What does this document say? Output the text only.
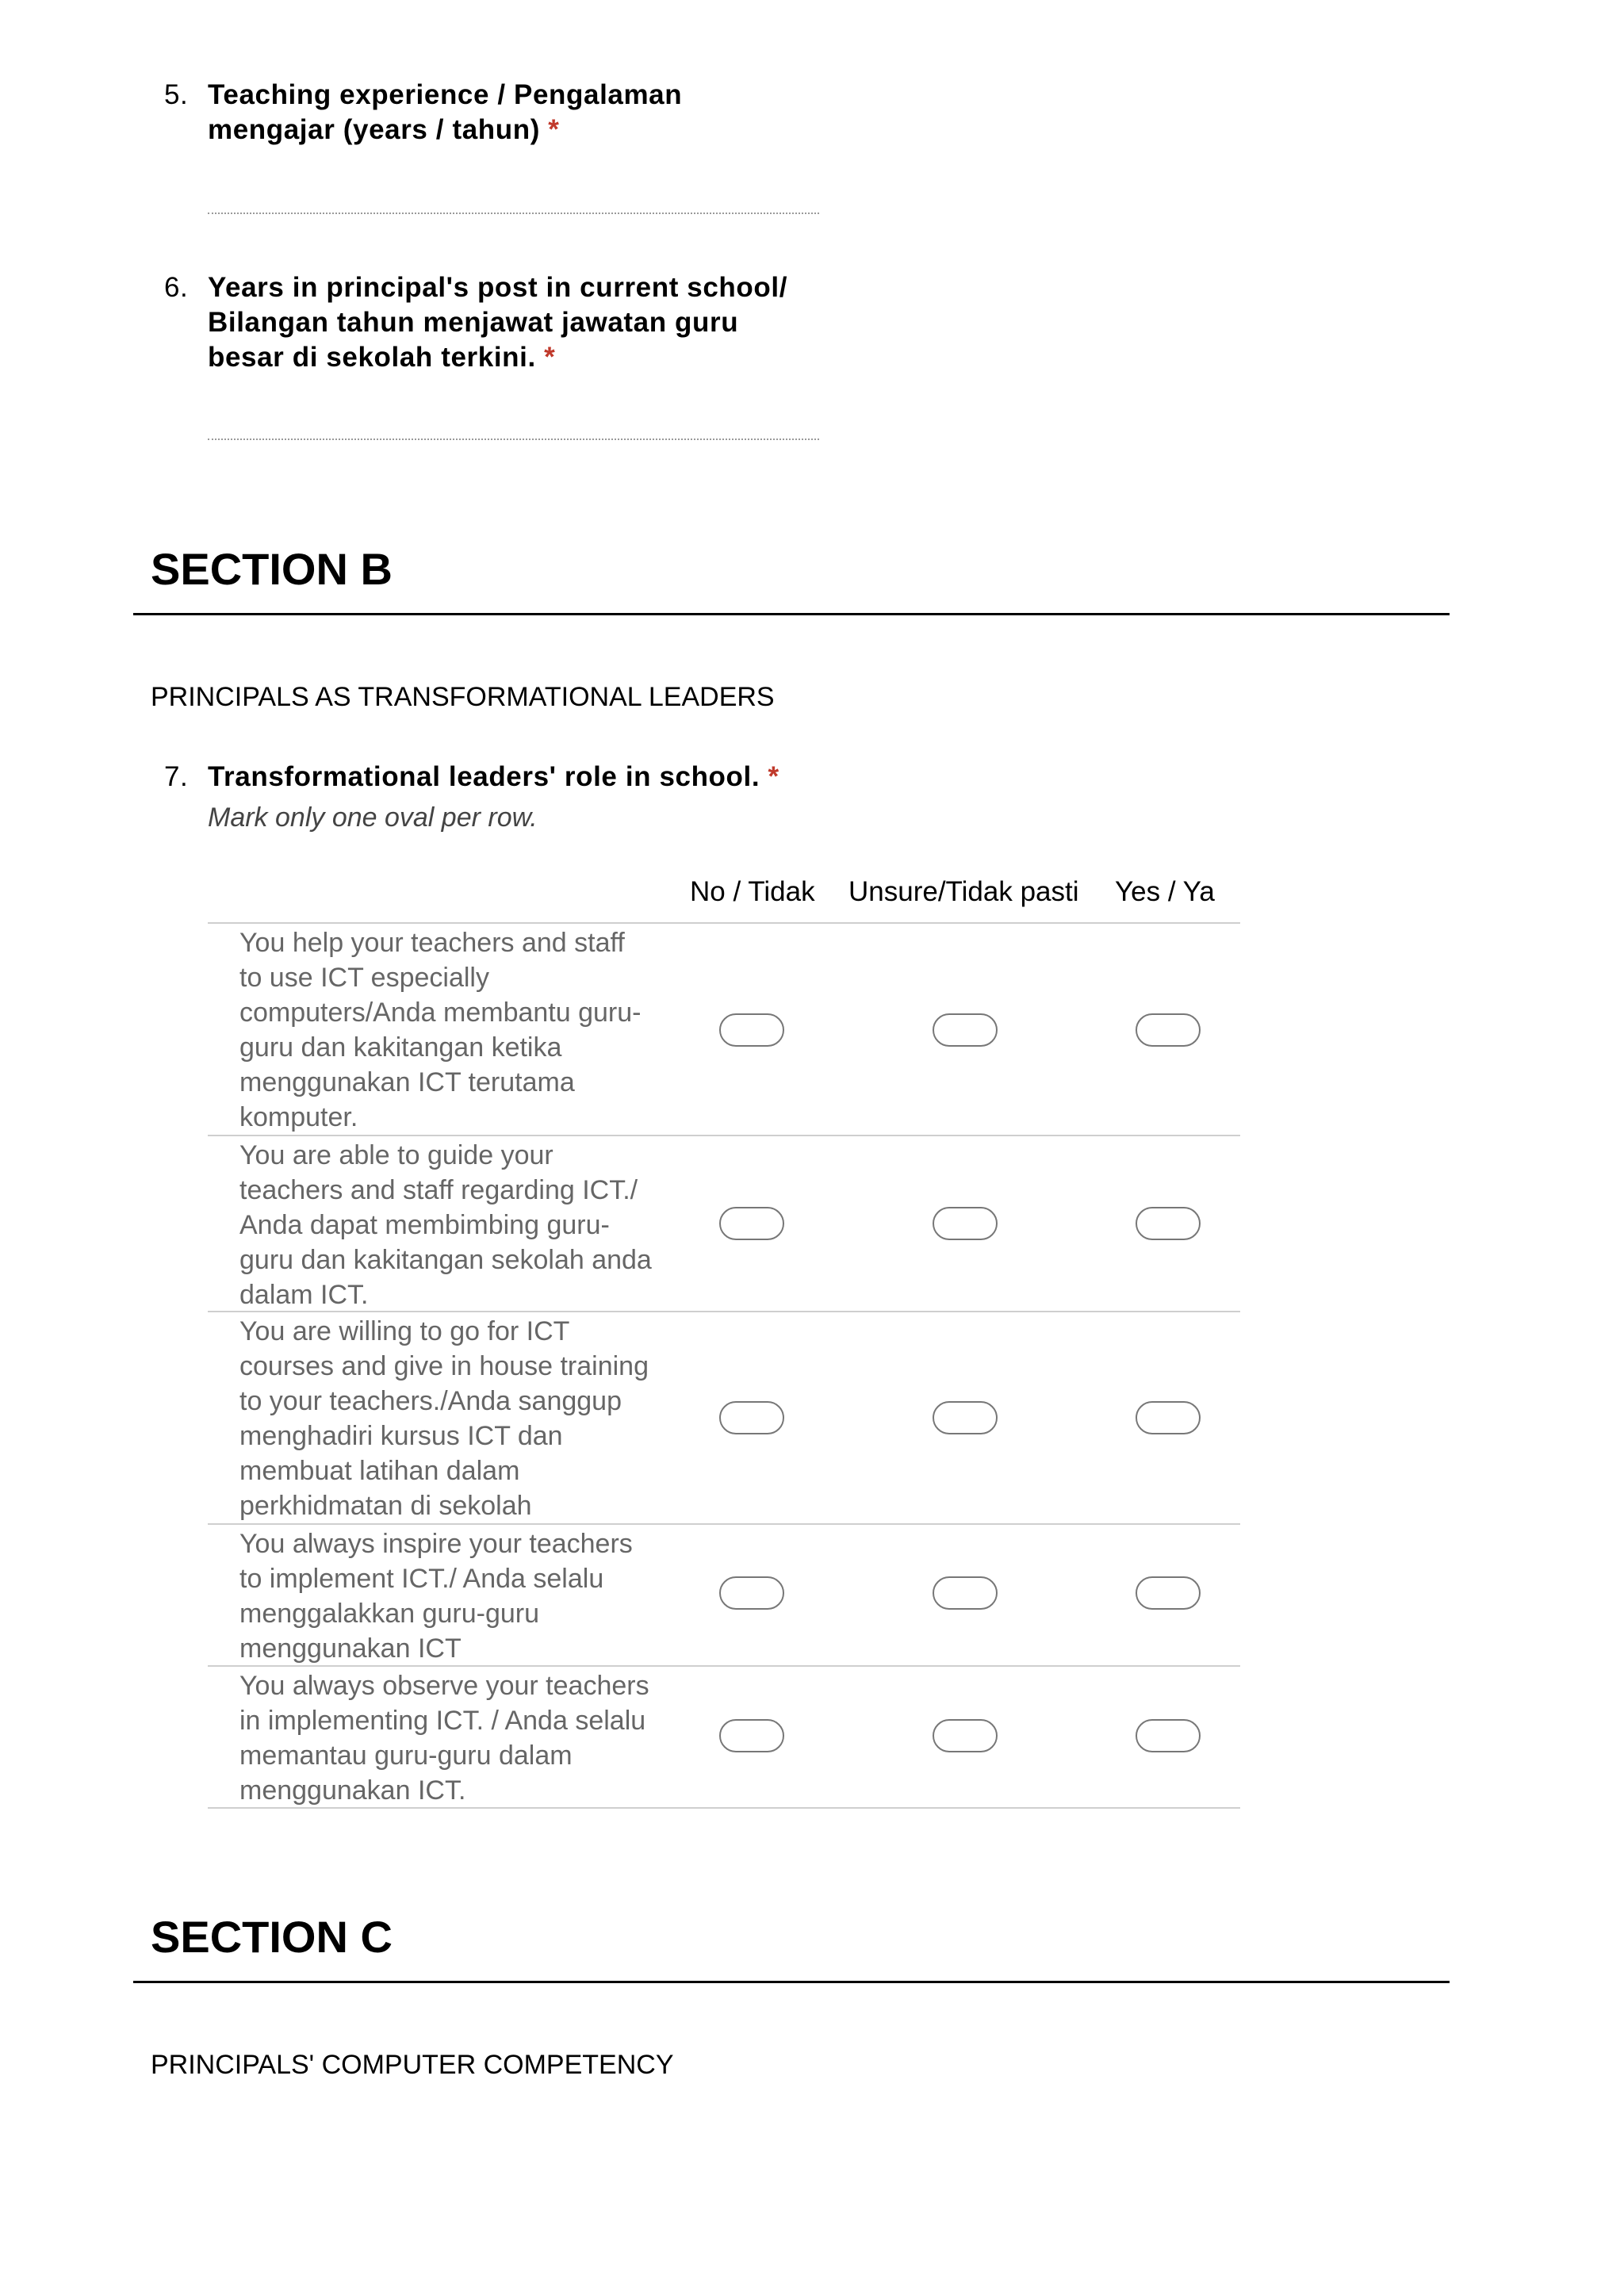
5. Teaching experience / Pengalaman
mengajar (years / tahun) *
6. Years in principal's post in current school/
Bilangan tahun menjawat jawatan guru
besar di sekolah terkini. *
SECTION B
PRINCIPALS AS TRANSFORMATIONAL LEADERS
7. Transformational leaders' role in school. *
Mark only one oval per row.
No / Tidak Unsure/Tidak pasti Yes / Ya
You help your teachers and staff
to use ICT especially
computers/Anda membantu guru-
guru dan kakitangan ketika
menggunakan ICT terutama
komputer.
You are able to guide your
teachers and staff regarding ICT./
Anda dapat membimbing guru-
guru dan kakitangan sekolah anda
dalam ICT.
You are willing to go for ICT
courses and give in house training
to your teachers./Anda sanggup
menghadiri kursus ICT dan
membuat latihan dalam
perkhidmatan di sekolah
You always inspire your teachers
to implement ICT./ Anda selalu
menggalakkan guru-guru
menggunakan ICT
You always observe your teachers
in implementing ICT. / Anda selalu
memantau guru-guru dalam
menggunakan ICT.
SECTION C
PRINCIPALS' COMPUTER COMPETENCY
